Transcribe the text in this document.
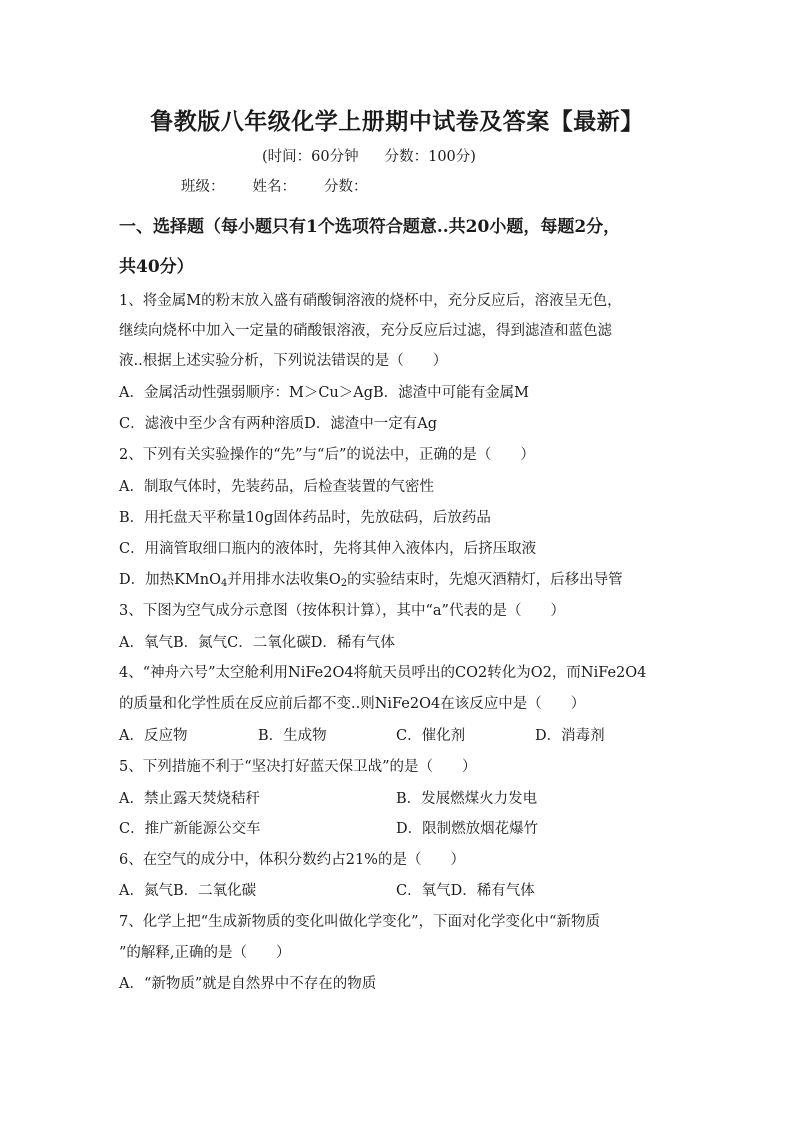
鲁教版八年级化学上册期中试卷及答案【最新】
(时间：60分钟 分数：100分)
班级： 姓名： 分数：
一、选择题（每小题只有1个选项符合题意..共20小题，每题2分，
共40分）
1、将金属M的粉末放入盛有硝酸铜溶液的烧杯中，充分反应后，溶液呈无色，
继续向烧杯中加入一定量的硝酸银溶液，充分反应后过滤，得到滤渣和蓝色滤
液..根据上述实验分析，下列说法错误的是（　　）
A．金属活动性强弱顺序：M＞Cu＞AgB．滤渣中可能有金属M
C．滤液中至少含有两种溶质D．滤渣中一定有Ag
2、下列有关实验操作的“先”与“后”的说法中，正确的是（　　）
A．制取气体时，先装药品，后检查装置的气密性
B．用托盘天平称量10g固体药品时，先放砝码，后放药品
C．用滴管取细口瓶内的液体时，先将其伸入液体内，后挤压取液
D．加热KMnO$_4$并用排水法收集$O_2$的实验结束时，先熄灭酒精灯，后移出导管
3、下图为空气成分示意图（按体积计算），其中“a”代表的是（　　）
A．氧气B．氮气C．二氧化碳D．稀有气体
4、“神舟六号”太空舱利用NiFe2O4将航天员呼出的CO2转化为O2，而NiFe2O4
的质量和化学性质在反应前后都不变..则NiFe2O4在该反应中是（　　）
A．反应物	B．生成物	C．催化剂	D．消毒剂
5、下列措施不利于“坚决打好蓝天保卫战”的是（　　）
A．禁止露天焚烧秸秆	B．发展燃煤火力发电
C．推广新能源公交车	D．限制燃放烟花爆竹
6、在空气的成分中，体积分数约占21%的是（　　）
A．氮气B．二氧化碳	C．氧气D．稀有气体
7、化学上把“生成新物质的变化叫做化学变化”，下面对化学变化中“新物质
”的解释,正确的是（　　）
A．“新物质”就是自然界中不存在的物质
